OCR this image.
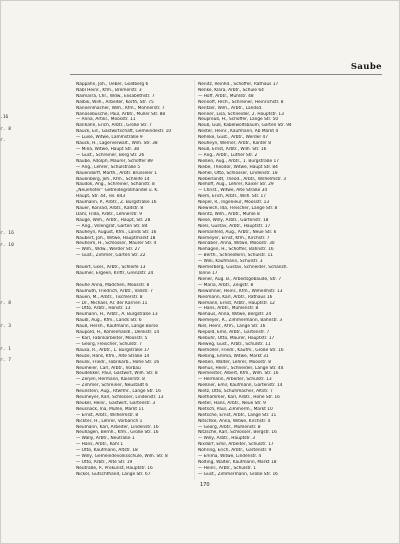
.16
r. 8
r.

r. 16
r. 10

r. 8

r. 3

r. 1
r. 7
Saube
Nappahn, Joh., Ueber, Goldberg 6
Nabl Heinr., Kfm., Bremerstr. 3
Naimarra, Chr., Wdw., Elisabethstr. 7
Nalbik, Wilh., Arbeiter, Korth, Str. 75
Nannenmacher, Wilh., Kfm., Mohnerstr. 7
Nanosebusche, Paul, Arbtr., Müller Str. 88
— Anna, Artikl., Moosstr. 11
Nanhahn, Erich, Arbtr., Große Str. 7
Nauck, Ed., Gastwirtschaft, Gemeindestr. 10
— Luise, Witwe, Lammstraße 9
Nauck, H., Lagerverwalt., Wilh. Str. 38
— Mina, Witwe, Haupt Str. 38
— Gust., Schreiner, Berg Str. 26
Naube, Adolph, Maurer, Schöffer 89
— Ang., Lehrer, Schulstraße 5
Nauendorff, Marth., Arbtr. Brüsseler 1
Nauenberg, Joh., Kfm., Schleife 14
Naudok, Ang., Schreiner, Schanstr. 8
„Neunhöfer” Getreidegroßhandel u. K.
Haupt, Str. 44, Tel. 843
Naumann, P., Arbtr., Z. Burgstraße 16
Nauer, Konrad, Arbtr., Kaltstr. 8
Dahl, Frida, Arbtr., Lehnerstr. 9
Nauge, Wilh., Arbtr., Haupt, Str. 28
— Ang., Villengräf, Garten Str. 84
Nauheyn, August, Kfm., Lands Str. 16
Naubert, Joh., Witwe, Hauptmarkt 18
Neuheim, H., Schlosser, Maurer Str. 4
— Wilh., Wdw., Werder Str. 27
— Gust., Zimmer, Garten Str. 22

Neuert, Gsel., Arbtr., Schleife 13
Naumer, Ergeen, Kriftr, Grenzstr. 24

Neuhe Anna, Mädchen, Moosstr. 8
Naumuth, Friedrich, Arbtr., Vallstr. 7
Nauen, M., Arbtr., Tischlerstr. 8
— Dr., Michael, Ar. der Karrien 11
— Otto, Arbtr., Hanstr. 13
Neumann, H., Arbtr., A. Burgstraße 13
Naußl, Aug., Kfm., Lands Str. 6
Nauß, Hersh., Kaufmann, Lange Börse
Naupold, H., Kohlenhändl., Denkstr. 14
— Karl, Fabrikarbeiter, Moosstr. 5
— Georg, Fleischer, Schulstr. 7
Nausa, R., Arbtr., L. Burgstraße 17
Neuze, Hans, Kfm., Alte Straße 14
Neunk, Friedr., Fabrikarb., Hohe Str. 16
Neumeier, Carl, Arbtr., Vorbau
Neudekker, Paul, Gastwirt, Wilh. Str. 8
— Zerjen, Hermann, Kaiserstr. 8
— Zimmer, Schreiner, Neustadt 6
Neunstein, Aug., Rtwfmr., Lange Str. 16
Neumeyer, Karl, Schlosser, Lindenstr. 13
Neukel, Heinr., Gastwirt, Gartenstr. 3
Neusnack, Ina, Mühle, Markt 11
— Ernst, Arbtr., Wilhelmstr. 8
Nickter, H., Lehrer, Vorbarich 1
Neumann, Karl, Arbeiter, Lindenstr. 16
Neuhagen, Bernh., Kfm., Große Str. 16
— Wally, Arbtr., Neutraße 1
— Hans, Arbtr., Köhl 1
— Otto, Kaufmann, Altstr. 18
— Willy, Gemeindevolksschule, Wilh. Str. 8
— Otto, Arbtr., Alte Str. 19
Neutraße, P., Prokurist, Hauptstr. 16
Nickel, Gutschthand, Lange Str. 67
Nenitz, Reinhd., Schöffer, Rathaus 17
Nenke, Klara, Arbtr., Schule 64
— Hoff, Arbtr., Mühlstr. 48
Nennoff, Hrch., Schreiner, Heinrichstr. 8
Nentzer, Wilh., Arbtr., Landsd.
Nenner, Lisa, Schneider, 2. Hauptstr. 13
Neupreuß, H., Schöffer, Lange Str. 50
Neuß, Guß, Kabelwolfsbaum, Garten Str. 94
Nester, Heinr., Kaufmann, Ab Markt 4
Nehnke, Gust., Arbtr., Werder 47
Neuheyn, Werner, Arbtr., Kanter 8
Neuß, Ernst, Arbtr., Wilh. Str. 16
— Ang., Arbtr., Luther Str. 2
Nießen, Aug., Arbtr., 1. Burgstraße 17
Niebe, Theodor, Witwe, Haupt Str. 84
Niehel, Otto, Schlosser, Lindenstr. 18
Nieberlandt, Theod., Arbtr., Wilhelmstr. 3
Niehoff, Aug., Lehrer, Kaiser Str. 29
— Christ., Witwe, Alte Straße 34
Niem, Erich, Arbtr., Wilh. Str. 17
Niepel, R., Ingenieur, Moosstr. 13
Niewiech, Ida, Fleischer, Lange Str. 8
Nieritz, Wilh., Arbtr., Mühle 8
Niese, Willy, Arbtr., Gartenstr. 18
Niels, Gustav, Arbtr., Hauptstr. 17
Niemanfeld, Aug., Arbtr., Neue Str. 6
Niemeyer, Ernst, Kfm., Kirchstr. 7
Nienaber, Anna, Witwe, Moosstr. 30
Niehagen, H., Schöffer, Bahnstr. 16
— Berth., Schneiderin, Schulstr. 11
— Willi, Kaufmann, Schulstr. 3
Niemerberg, Gustav, Schneider, Schanzh.
Tonne 17
Niener, Aug. B., Arbeitsgebäude, Str. 7
— Maria, Arbtr., Zeigstr. 8
Niewöhner, Heinr., Kfm., Wilhelmstr. 13
Niesmann, Karl, Arbtr., Rathaus 16
Niemann, Ernst, Arbtr., Hauptstr. 12
— Hans, Arbtr., Mühlenstr. 8
Niehaus, Anna, Witwe, Bergstr. 24
Niemeyer, R., Zimmermann, Bahnstr. 3
Niel, Heinr., Kfm., Lange Str. 16
Niepold, Emil, Arbtr., Gartenstr. 7
Niebuhr, Otto, Maurer, Hauptstr. 17
Nieweg, Gust., Arbtr., Schulstr. 11
Niemöller, Friedr., Kaufm., Große Str. 16
Nießing, Emma, Witwe, Markt 31
Nießen, Walter, Lehrer, Moosstr. 8
Niehus, Heinr., Schneider, Lange Str. 44
Niemeister, Albert, Kfm., Wilh. Str. 16
— Hermann, Arbeiter, Schulstr. 13
Nießner, Emil, Kaufmann, Gartenstr. 14
Nietz, Otto, Schuhmacher, Altstr. 7
Niethammer, Karl, Arbtr., Hohe Str. 16
Nieter, Hans, Arbtr., Neue Str. 9
Nietsch, Paul, Zimmerm., Markt 10
Nietsche, Ernst, Arbtr., Lange Str. 11
Nitschke, Anna, Witwe, Kirchstr. 4
— Georg, Arbtr., Mühlenstr. 8
Nitzsche, Karl, Schlosser, Bergstr. 16
— Willy, Arbtr., Hauptstr. 3
Nixdorf, Emil, Arbeiter, Schulstr. 17
Nöhring, Erich, Arbtr., Gartenstr. 9
— Emma, Witwe, Lindenstr. 4
Nölting, Walter, Kaufmann, Markt 18
— Heinr., Arbtr., Schulstr. 1
— Gust., Zimmermann, Große Str. 16
170
